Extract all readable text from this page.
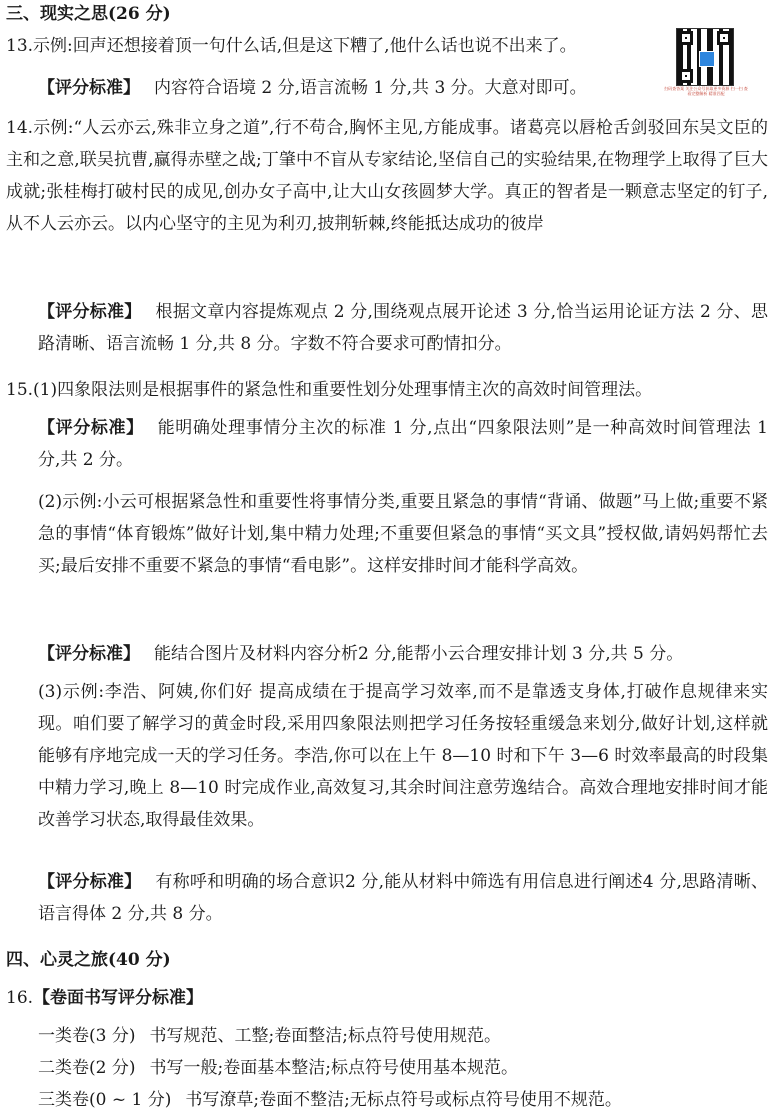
三、现实之思(26 分)
13.示例:回声还想接着顶一句什么话,但是这下糟了,他什么话也说不出来了。
扫码查答案 关注公众号获取更多资源 扫一扫 查看完整解析 精准匹配
【评分标准】 内容符合语境 2 分,语言流畅 1 分,共 3 分。大意对即可。
14.示例:“人云亦云,殊非立身之道”,行不苟合,胸怀主见,方能成事。诸葛亮以唇枪舌剑驳回东吴文臣的主和之意,联吴抗曹,赢得赤壁之战;丁肇中不盲从专家结论,坚信自己的实验结果,在物理学上取得了巨大成就;张桂梅打破村民的成见,创办女子高中,让大山女孩圆梦大学。真正的智者是一颗意志坚定的钉子,从不人云亦云。以内心坚守的主见为利刃,披荆斩棘,终能抵达成功的彼岸
【评分标准】 根据文章内容提炼观点 2 分,围绕观点展开论述 3 分,恰当运用论证方法 2 分、思路清晰、语言流畅 1 分,共 8 分。字数不符合要求可酌情扣分。
15.(1)四象限法则是根据事件的紧急性和重要性划分处理事情主次的高效时间管理法。
【评分标准】 能明确处理事情分主次的标准 1 分,点出“四象限法则”是一种高效时间管理法 1 分,共 2 分。
(2)示例:小云可根据紧急性和重要性将事情分类,重要且紧急的事情“背诵、做题”马上做;重要不紧急的事情“体育锻炼”做好计划,集中精力处理;不重要但紧急的事情“买文具”授权做,请妈妈帮忙去买;最后安排不重要不紧急的事情“看电影”。这样安排时间才能科学高效。
【评分标准】 能结合图片及材料内容分析2 分,能帮小云合理安排计划 3 分,共 5 分。
(3)示例:李浩、阿姨,你们好 提高成绩在于提高学习效率,而不是靠透支身体,打破作息规律来实现。咱们要了解学习的黄金时段,采用四象限法则把学习任务按轻重缓急来划分,做好计划,这样就能够有序地完成一天的学习任务。李浩,你可以在上午 8—10 时和下午 3—6 时效率最高的时段集中精力学习,晚上 8—10 时完成作业,高效复习,其余时间注意劳逸结合。高效合理地安排时间才能改善学习状态,取得最佳效果。
【评分标准】 有称呼和明确的场合意识2 分,能从材料中筛选有用信息进行阐述4 分,思路清晰、语言得体 2 分,共 8 分。
四、心灵之旅(40 分)
16.【卷面书写评分标准】
一类卷(3 分) 书写规范、工整;卷面整洁;标点符号使用规范。
二类卷(2 分) 书写一般;卷面基本整洁;标点符号使用基本规范。
三类卷(0 ~ 1 分) 书写潦草;卷面不整洁;无标点符号或标点符号使用不规范。
